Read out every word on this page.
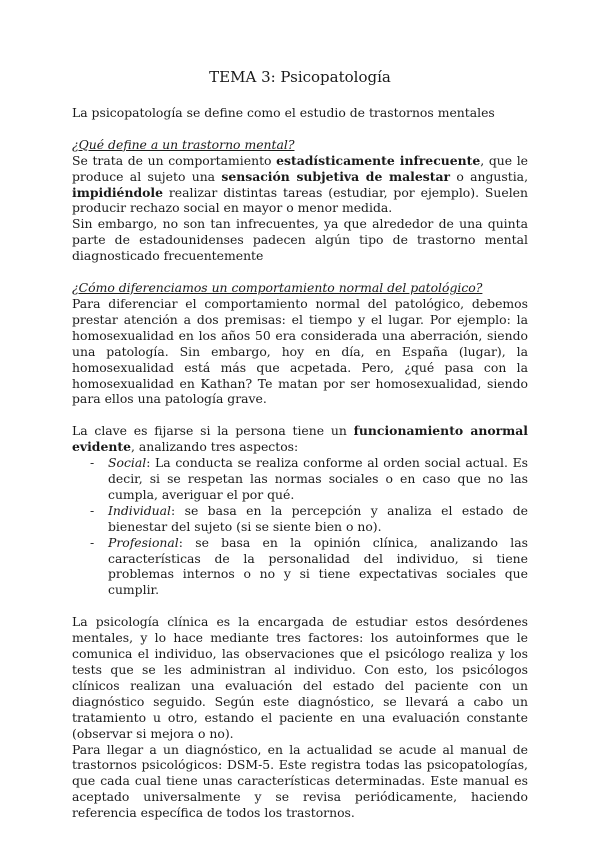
TEMA 3: Psicopatología

La psicopatología se define como el estudio de trastornos mentales

¿Qué define a un trastorno mental?

Se trata de un comportamiento estadísticamente infrecuente, que le produce al sujeto una sensación subjetiva de malestar o angustia, impidiéndole realizar distintas tareas (estudiar, por ejemplo). Suelen producir rechazo social en mayor o menor medida.

Sin embargo, no son tan infrecuentes, ya que alrededor de una quinta parte de estadounidenses padecen algún tipo de trastorno mental diagnosticado frecuentemente

¿Cómo diferenciamos un comportamiento normal del patológico?

Para diferenciar el comportamiento normal del patológico, debemos prestar atención a dos premisas: el tiempo y el lugar. Por ejemplo: la homosexualidad en los años 50 era considerada una aberración, siendo una patología. Sin embargo, hoy en día, en España (lugar), la homosexualidad está más que acpetada. Pero, ¿qué pasa con la homosexualidad en Kathan? Te matan por ser homosexualidad, siendo para ellos una patología grave.

La clave es fijarse si la persona tiene un funcionamiento anormal evidente, analizando tres aspectos:

- Social: La conducta se realiza conforme al orden social actual. Es decir, si se respetan las normas sociales o en caso que no las cumpla, averiguar el por qué.
- Individual: se basa en la percepción y analiza el estado de bienestar del sujeto (si se siente bien o no).
- Profesional: se basa en la opinión clínica, analizando las características de la personalidad del individuo, si tiene problemas internos o no y si tiene expectativas sociales que cumplir.

La psicología clínica es la encargada de estudiar estos desórdenes mentales, y lo hace mediante tres factores: los autoinformes que le comunica el individuo, las observaciones que el psicólogo realiza y los tests que se les administran al individuo. Con esto, los psicólogos clínicos realizan una evaluación del estado del paciente con un diagnóstico seguido. Según este diagnóstico, se llevará a cabo un tratamiento u otro, estando el paciente en una evaluación constante (observar si mejora o no).

Para llegar a un diagnóstico, en la actualidad se acude al manual de trastornos psicológicos: DSM-5. Este registra todas las psicopatologías, que cada cual tiene unas características determinadas. Este manual es aceptado universalmente y se revisa periódicamente, haciendo referencia específica de todos los trastornos.
